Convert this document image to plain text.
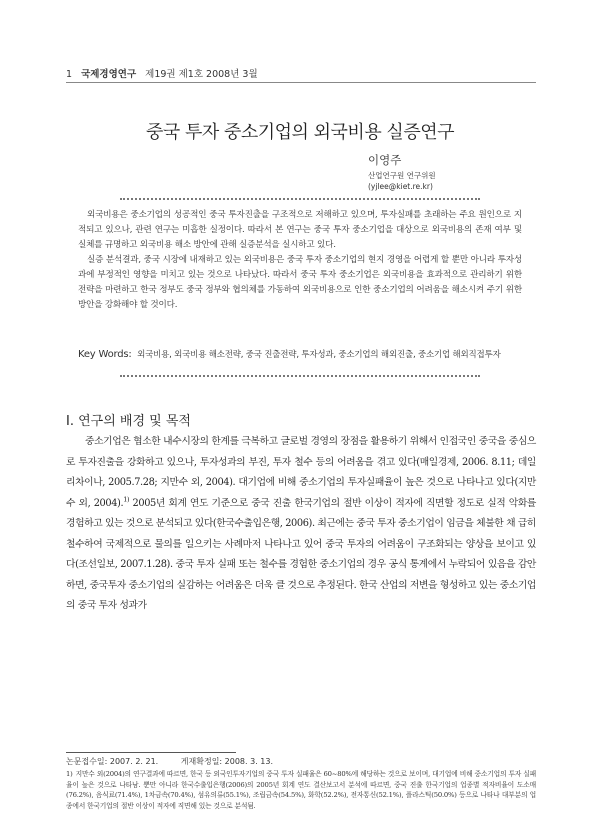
1 국제경영연구 제19권 제1호 2008년 3월
중국 투자 중소기업의 외국비용 실증연구
이영주
산업연구원 연구위원
(yjlee@kiet.re.kr)

외국비용은 중소기업의 성공적인 중국 투자진출을 구조적으로 저해하고 있으며, 투자실패를 초래하는 주요 원인으로 지적되고 있으나, 관련 연구는 미흡한 실정이다. 따라서 본 연구는 중국 투자 중소기업을 대상으로 외국비용의 존재 여부 및 실체를 규명하고 외국비용 해소 방안에 관해 실증분석을 실시하고 있다.

실증 분석결과, 중국 시장에 내재하고 있는 외국비용은 중국 투자 중소기업의 현지 경영을 어렵게 할 뿐만 아니라 투자성과에 부정적인 영향을 미치고 있는 것으로 나타났다. 따라서 중국 투자 중소기업은 외국비용을 효과적으로 관리하기 위한 전략을 마련하고 한국 정부도 중국 정부와 협의체를 가동하여 외국비용으로 인한 중소기업의 어려움을 해소시켜 주기 위한 방안을 강화해야 할 것이다.

Key Words: 외국비용, 외국비용 해소전략, 중국 진출전략, 투자성과, 중소기업의 해외진출, 중소기업 해외직접투자
Ⅰ. 연구의 배경 및 목적

중소기업은 협소한 내수시장의 한계를 극복하고 글로벌 경영의 장점을 활용하기 위해서 인접국인 중국을 중심으로 투자진출을 강화하고 있으나, 투자성과의 부진, 투자 철수 등의 어려움을 겪고 있다(매일경제, 2006. 8.11; 데일리차이나, 2005.7.28; 지만수 외, 2004). 대기업에 비해 중소기업의 투자실패율이 높은 것으로 나타나고 있다(지만수 외, 2004).$^{1)}$ 2005년 회계 연도 기준으로 중국 진출 한국기업의 절반 이상이 적자에 직면할 정도로 실적 악화를 경험하고 있는 것으로 분석되고 있다(한국수출입은행, 2006). 최근에는 중국 투자 중소기업이 임금을 체불한 채 급히 철수하여 국제적으로 물의를 일으키는 사례마저 나타나고 있어 중국 투자의 어려움이 구조화되는 양상을 보이고 있다(조선일보, 2007.1.28). 중국 투자 실패 또는 철수를 경험한 중소기업의 경우 공식 통계에서 누락되어 있음을 감안하면, 중국투자 중소기업의 실감하는 어려움은 더욱 클 것으로 추정된다. 한국 산업의 저변을 형성하고 있는 중소기업의 중국 투자 성과가

논문접수일: 2007. 2. 21.	게재확정일: 2008. 3. 13.
1) 지만수 외(2004)의 연구결과에 따르면, 한국 등 외국인투자기업의 중국 투자 실패율은 60~80%에 해당하는 것으로 보이며, 대기업에 비해 중소기업의 투자 실패율이 높은 것으로 나타남. 뿐만 아니라 한국수출입은행(2006)의 2005년 회계 연도 결산보고서 분석에 따르면, 중국 진출 한국기업의 업종별 적자비율이 도소매(76.2%), 음식료(71.4%), 1차금속(70.4%), 섬유의류(55.1%), 조립금속(54.5%), 화학(52.2%), 전자통신(52.1%), 플라스틱(50.0%) 등으로 나타나 대부분의 업종에서 한국기업의 절반 이상이 적자에 직면해 있는 것으로 분석됨.
